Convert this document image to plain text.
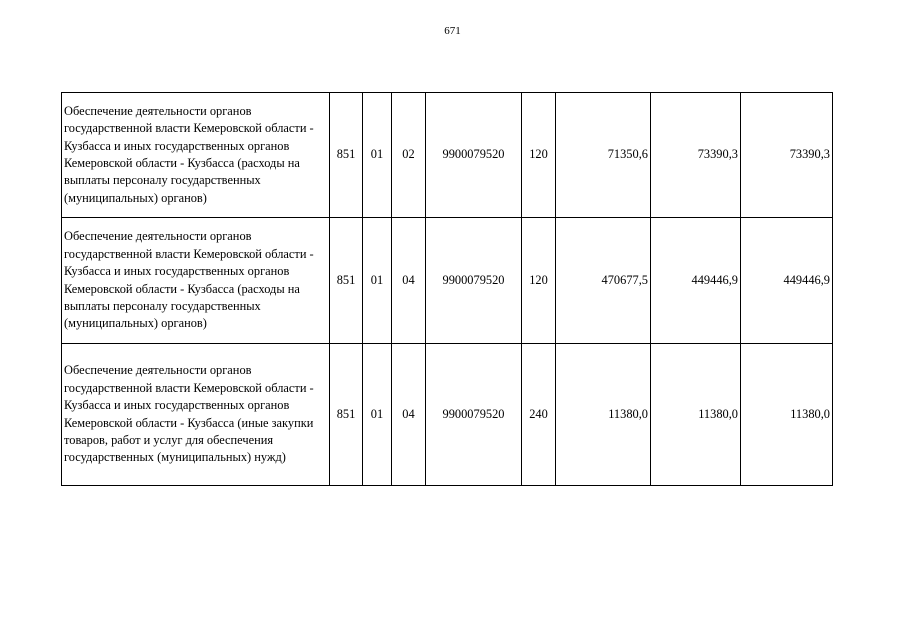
671
Обеспечение деятельности органов государственной власти Кемеровской области - Кузбасса и иных государственных органов Кемеровской области - Кузбасса (расходы на выплаты персоналу государственных (муниципальных) органов)	851	01	02	9900079520	120	71350,6	73390,3	73390,3
Обеспечение деятельности органов государственной власти Кемеровской области - Кузбасса и иных государственных органов Кемеровской области - Кузбасса (расходы на выплаты персоналу государственных (муниципальных) органов)	851	01	04	9900079520	120	470677,5	449446,9	449446,9
Обеспечение деятельности органов государственной власти Кемеровской области - Кузбасса и иных государственных органов Кемеровской области - Кузбасса (иные закупки товаров, работ и услуг для обеспечения государственных (муниципальных) нужд)	851	01	04	9900079520	240	11380,0	11380,0	11380,0
